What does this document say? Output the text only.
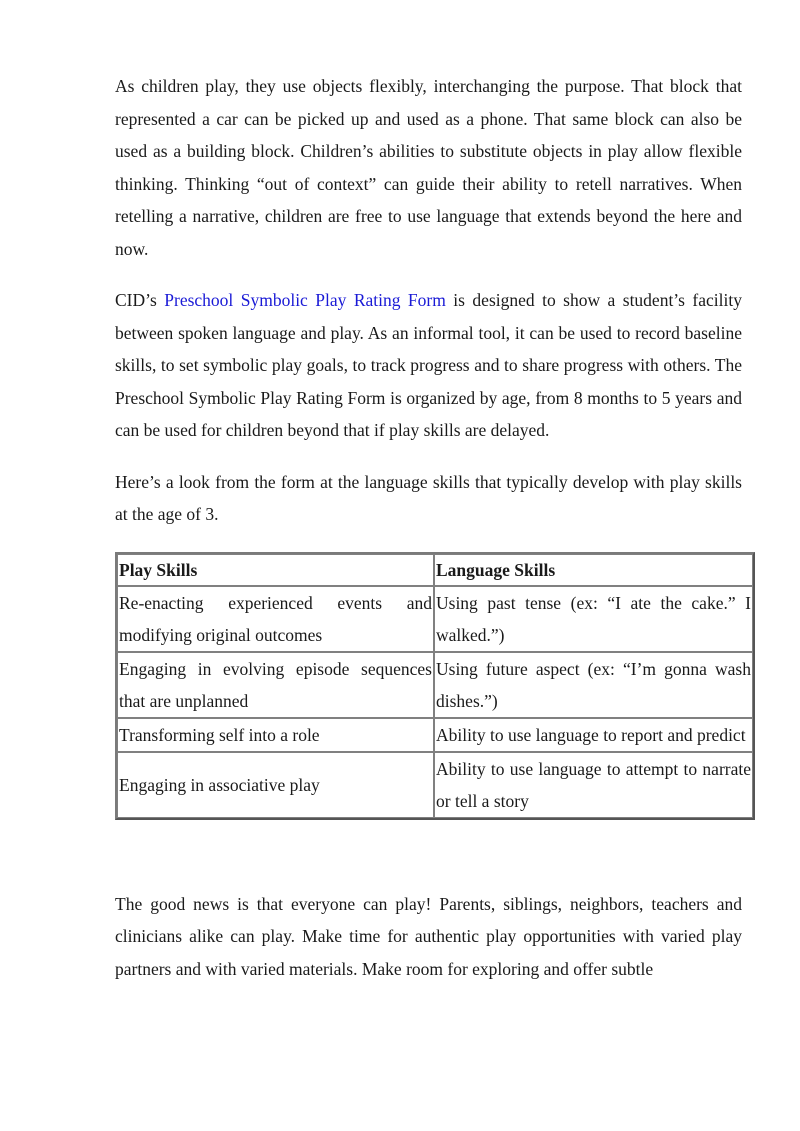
As children play, they use objects flexibly, interchanging the purpose. That block that represented a car can be picked up and used as a phone. That same block can also be used as a building block. Children’s abilities to substitute objects in play allow flexible thinking. Thinking “out of context” can guide their ability to retell narratives. When retelling a narrative, children are free to use language that extends beyond the here and now.

CID’s Preschool Symbolic Play Rating Form is designed to show a student’s facility between spoken language and play. As an informal tool, it can be used to record baseline skills, to set symbolic play goals, to track progress and to share progress with others. The Preschool Symbolic Play Rating Form is organized by age, from 8 months to 5 years and can be used for children beyond that if play skills are delayed.

Here’s a look from the form at the language skills that typically develop with play skills at the age of 3.

Play Skills	Language Skills
Re-enacting experienced events and modifying original outcomes	Using past tense (ex: “I ate the cake.” I walked.”)
Engaging in evolving episode sequences that are unplanned	Using future aspect (ex: “I’m gonna wash dishes.”)
Transforming self into a role	Ability to use language to report and predict
Engaging in associative play	Ability to use language to attempt to narrate or tell a story

The good news is that everyone can play! Parents, siblings, neighbors, teachers and clinicians alike can play. Make time for authentic play opportunities with varied play partners and with varied materials. Make room for exploring and offer subtle
